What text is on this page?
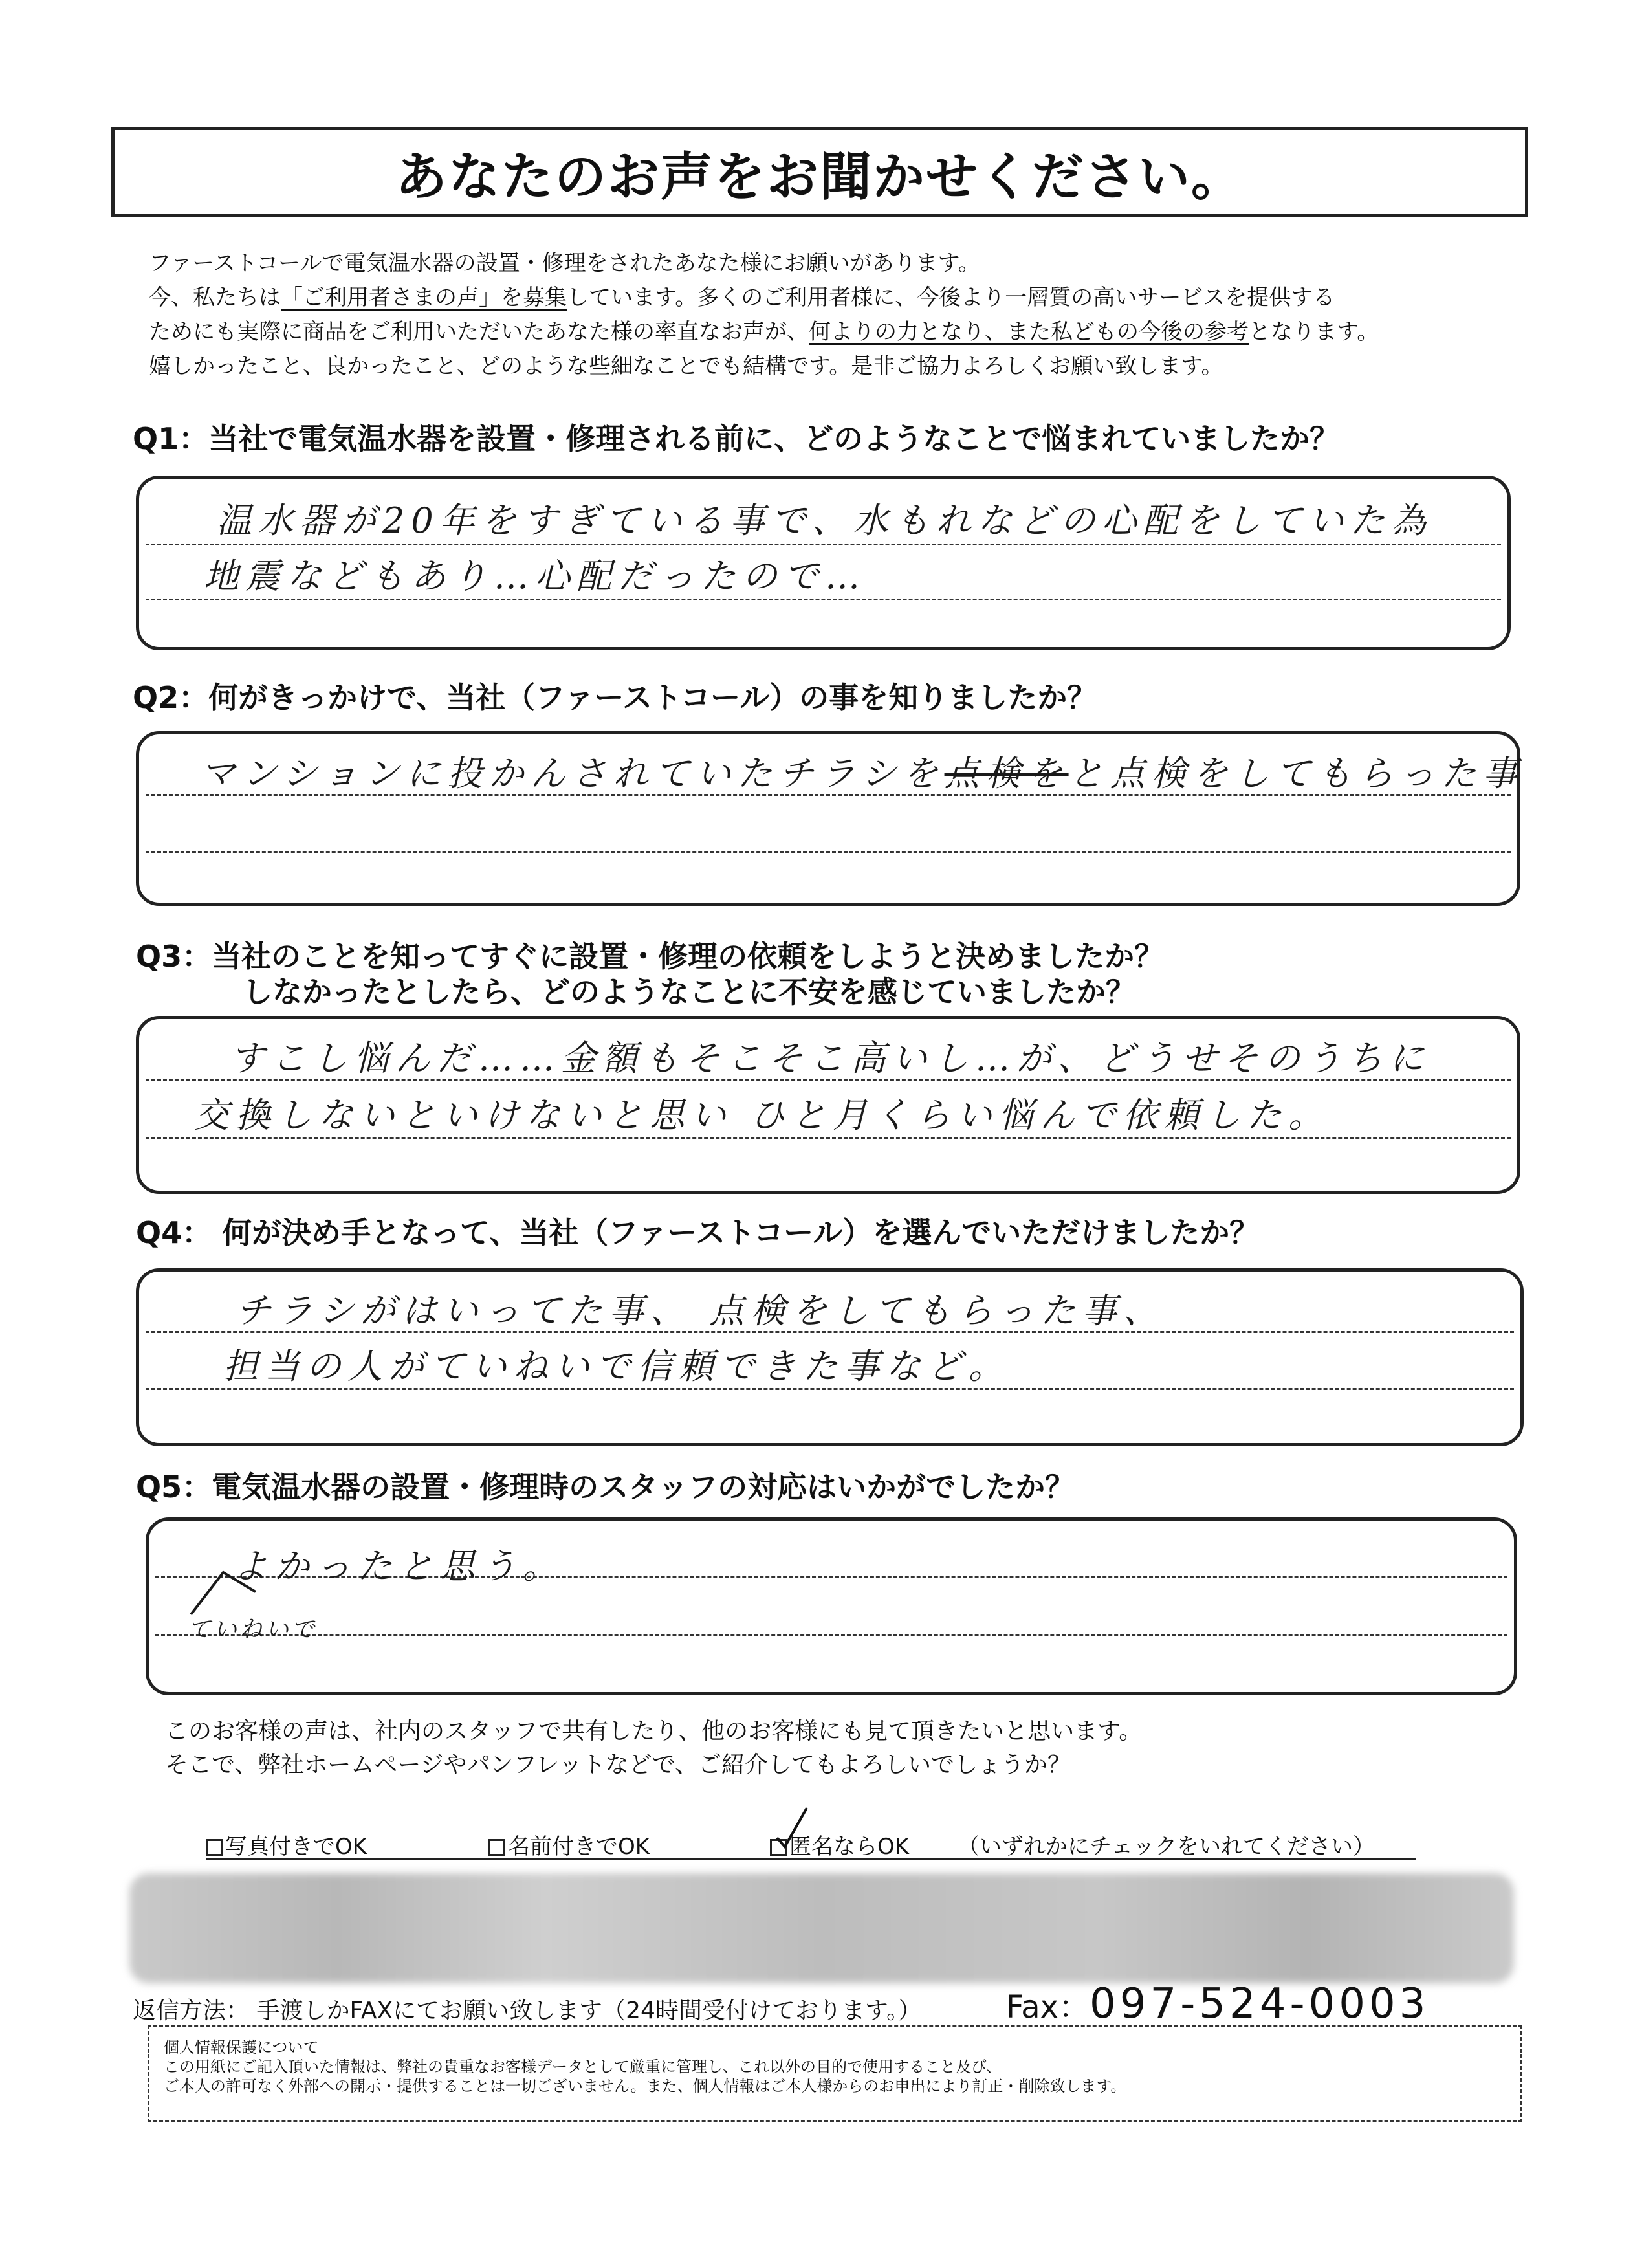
あなたのお声をお聞かせください。
ファーストコールで電気温水器の設置・修理をされたあなた様にお願いがあります。
今、私たちは「ご利用者さまの声」を募集しています。多くのご利用者様に、今後より一層質の高いサービスを提供する
ためにも実際に商品をご利用いただいたあなた様の率直なお声が、何よりの力となり、また私どもの今後の参考となります。
嬉しかったこと、良かったこと、どのような些細なことでも結構です。是非ご協力よろしくお願い致します。
Q1：当社で電気温水器を設置・修理される前に、どのようなことで悩まれていましたか？
温水器が20年をすぎている事で、水もれなどの心配をしていた為
地震などもあり…心配だったので…
Q2：何がきっかけで、当社（ファーストコール）の事を知りましたか？
マンションに投かんされていたチラシを点検をと点検をしてもらった事
Q3：当社のことを知ってすぐに設置・修理の依頼をしようと決めましたか？
しなかったとしたら、どのようなことに不安を感じていましたか？
すこし悩んだ……金額もそこそこ高いし…が、どうせそのうちに
交換しないといけないと思い ひと月くらい悩んで依頼した。
Q4： 何が決め手となって、当社（ファーストコール）を選んでいただけましたか？
チラシがはいってた事、 点検をしてもらった事、
担当の人がていねいで信頼できた事など。
Q5：電気温水器の設置・修理時のスタッフの対応はいかがでしたか？
よかったと思う。
ていねいで
このお客様の声は、社内のスタッフで共有したり、他のお客様にも見て頂きたいと思います。
そこで、弊社ホームページやパンフレットなどで、ご紹介してもよろしいでしょうか？
写真付きでOK	名前付きでOK	匿名ならOK （いずれかにチェックをいれてください）
返信方法： 手渡しかFAXにてお願い致します（24時間受付けております。）	Fax：097-524-0003
個人情報保護について
この用紙にご記入頂いた情報は、弊社の貴重なお客様データとして厳重に管理し、これ以外の目的で使用すること及び、
ご本人の許可なく外部への開示・提供することは一切ございません。また、個人情報はご本人様からのお申出により訂正・削除致します。
